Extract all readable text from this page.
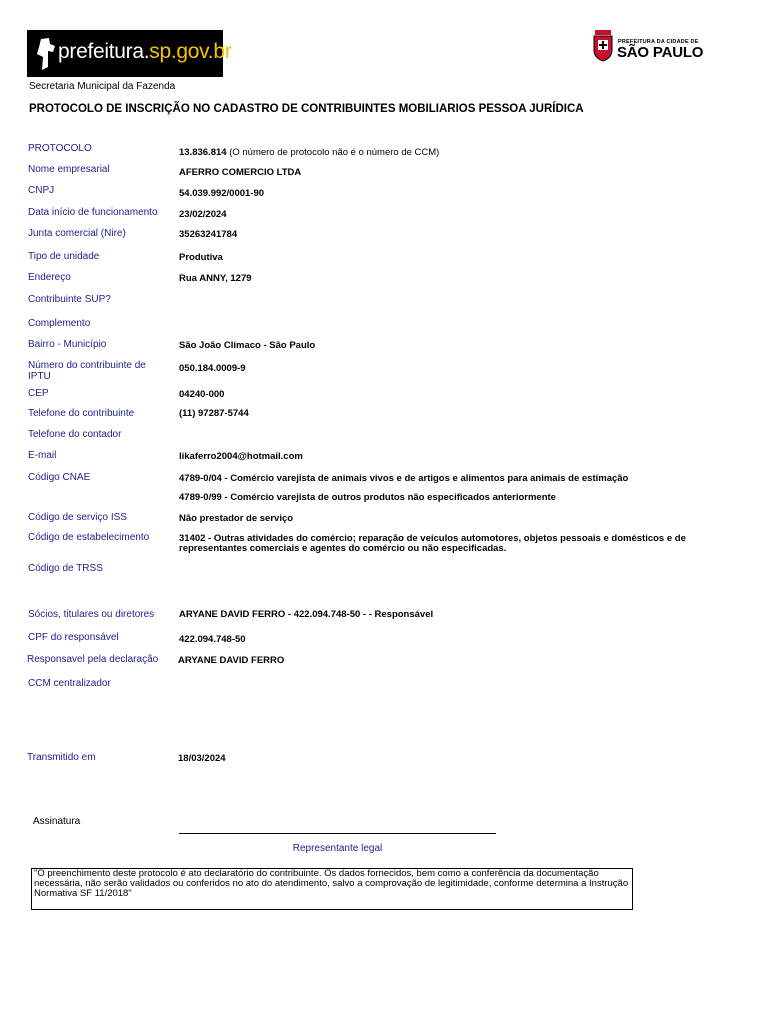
prefeitura.sp.gov.br	PREFEITURA DA CIDADE DE
SÃO PAULO
Secretaria Municipal da Fazenda
PROTOCOLO DE INSCRIÇÃO NO CADASTRO DE CONTRIBUINTES MOBILIARIOS PESSOA JURÍDICA
PROTOCOLO	13.836.814 (O número de protocolo não é o número de CCM)
Nome empresarial	AFERRO COMERCIO LTDA
CNPJ	54.039.992/0001-90
Data início de funcionamento	23/02/2024
Junta comercial (Nire)	35263241784
Tipo de unidade	Produtiva
Endereço	Rua ANNY, 1279
Contribuinte SUP?
Complemento
Bairro - Município	São João Clímaco - São Paulo
Número do contribuinte de IPTU
050.184.0009-9
CEP	04240-000
Telefone do contribuinte	(11) 97287-5744
Telefone do contador
E-mail	likaferro2004@hotmail.com
Código CNAE	4789-0/04 - Comércio varejista de animais vivos e de artigos e alimentos para animais de estimação
4789-0/99 - Comércio varejista de outros produtos não especificados anteriormente
Código de serviço ISS	Não prestador de serviço
Código de estabelecimento	31402 - Outras atividades do comércio; reparação de veículos automotores, objetos pessoais e domésticos e de representantes comerciais e agentes do comércio ou não especificadas.
Código de TRSS
Sócios, titulares ou diretores	ARYANE DAVID FERRO - 422.094.748-50 - - Responsável
CPF do responsável	422.094.748-50
Responsavel pela declaração	ARYANE DAVID FERRO
CCM centralizador
Transmitido em	18/03/2024
Assinatura
Representante legal
"O preenchimento deste protocolo é ato declaratório do contribuinte. Os dados fornecidos, bem como a conferência da documentação necessária, não serão validados ou conferidos no ato do atendimento, salvo a comprovação de legitimidade, conforme determina a Instrução Normativa SF 11/2018"
